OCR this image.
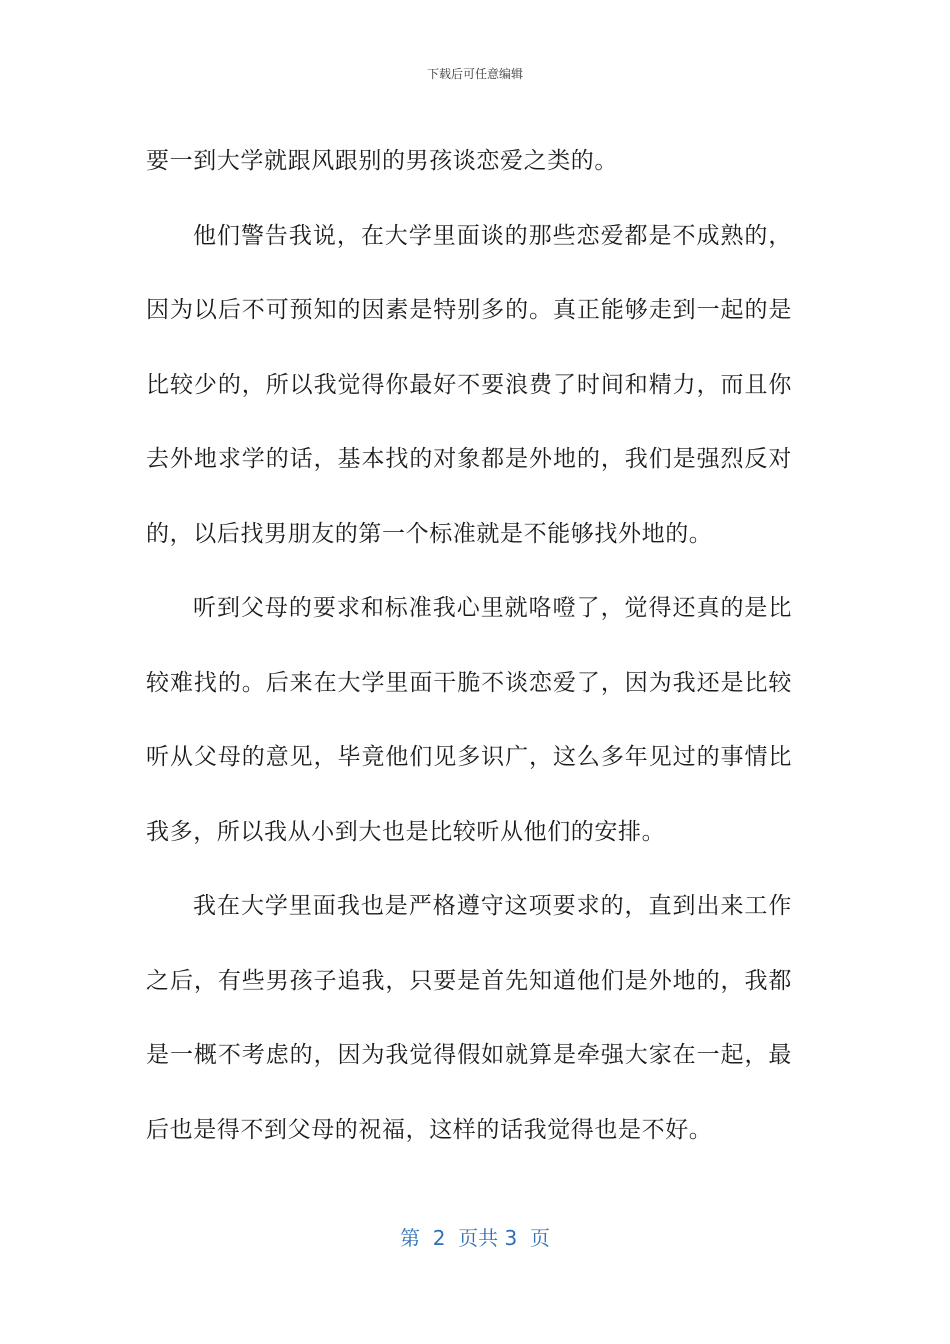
下载后可任意编辑

要一到大学就跟风跟别的男孩谈恋爱之类的。

他们警告我说，在大学里面谈的那些恋爱都是不成熟的，因为以后不可预知的因素是特别多的。真正能够走到一起的是比较少的，所以我觉得你最好不要浪费了时间和精力，而且你去外地求学的话，基本找的对象都是外地的，我们是强烈反对的，以后找男朋友的第一个标准就是不能够找外地的。

听到父母的要求和标准我心里就咯噔了，觉得还真的是比较难找的。后来在大学里面干脆不谈恋爱了，因为我还是比较听从父母的意见，毕竟他们见多识广，这么多年见过的事情比我多，所以我从小到大也是比较听从他们的安排。

我在大学里面我也是严格遵守这项要求的，直到出来工作之后，有些男孩子追我，只要是首先知道他们是外地的，我都是一概不考虑的，因为我觉得假如就算是牵强大家在一起，最后也是得不到父母的祝福，这样的话我觉得也是不好。

第  2  页共 3  页
